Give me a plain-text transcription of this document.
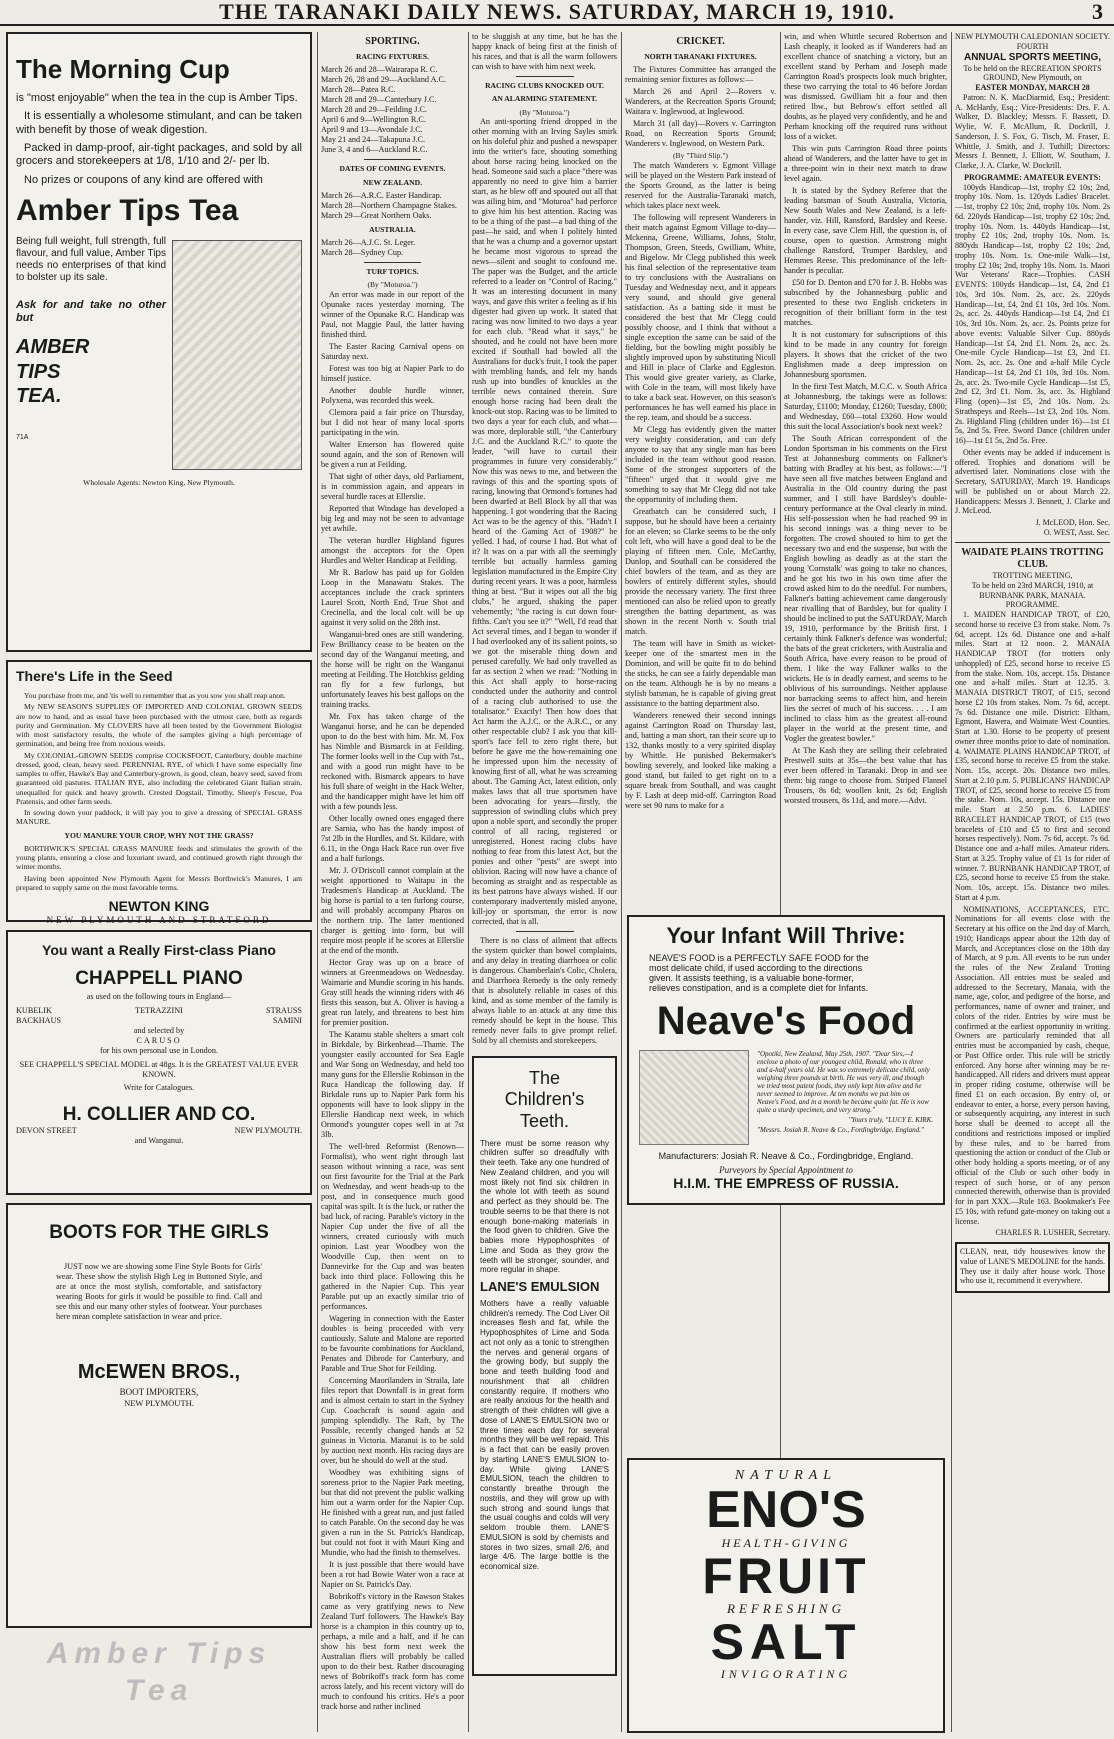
THE TARANAKI DAILY NEWS. SATURDAY, MARCH 19, 1910.	3
The Morning Cup

is "most enjoyable" when the tea in the cup is Amber Tips.

It is essentially a wholesome stimulant, and can be taken with benefit by those of weak digestion.

Packed in damp-proof, air-tight packages, and sold by all grocers and storekeepers at 1/8, 1/10 and 2/- per lb.

No prizes or coupons of any kind are offered with

Amber Tips Tea

Being full weight, full strength, full flavour, and full value, Amber Tips needs no enterprises of that kind to bolster up its sale.

Ask for and take no other but

AMBER
TIPS
TEA.
71A
Wholesale Agents: Newton King, New Plymouth.
There's Life in the Seed

You purchase from me, and 'tis well to remember that as you sow you shall reap anon.

My NEW SEASON'S SUPPLIES OF IMPORTED AND COLONIAL GROWN SEEDS are now to hand, and as usual have been purchased with the utmost care, both as regards purity and Germination. My CLOVERS have all been tested by the Government Biologist with most satisfactory results, the whole of the samples giving a high percentage of germination, and being free from noxious weeds.

My COLONIAL-GROWN SEEDS comprise COCKSFOOT, Canterbury, double machine dressed, good, clean, heavy seed. PERENNIAL RYE, of which I have some especially fine samples to offer, Hawke's Bay and Canterbury-grown, is good, clean, heavy seed, saved from guaranteed old pastures. ITALIAN RYE, also including the celebrated Giant Italian strain, unequalled for quick and heavy growth. Crested Dogstail, Timothy, Sheep's Fescue, Poa Pratensis, and other farm seeds.

In sowing down your paddock, it will pay you to give a dressing of SPECIAL GRASS MANURE.

YOU MANURE YOUR CROP, WHY NOT THE GRASS?

BORTHWICK'S SPECIAL GRASS MANURE feeds and stimulates the growth of the young plants, ensuring a close and luxuriant sward, and continued growth right through the winter months.

Having been appointed New Plymouth Agent for Messrs Borthwick's Manures, I am prepared to supply same on the most favorable terms.

NEWTON KING
NEW PLYMOUTH AND STRATFORD
You want a Really First-class Piano
CHAPPELL PIANO
as used on the following tours in England—
KUBELIK	TETRAZZINI	STRAUSS
BACKHAUS	SAMINI
and selected by
CARUSO
for his own personal use in London.
SEE CHAPPELL'S SPECIAL MODEL at 48gs. It is the GREATEST VALUE EVER KNOWN.
Write for Catalogues.
H. COLLIER AND CO.
DEVON STREET	NEW PLYMOUTH.
and Wanganui.
BOOTS FOR THE GIRLS

JUST now we are showing some Fine Style Boots for Girls' wear. These show the stylish High Leg in Buttoned Style, and are at once the most stylish, comfortable, and satisfactory wearing Boots for girls it would be possible to find. Call and see this and our many other styles of footwear. Your purchases here mean complete satisfaction in wear and price.

McEWEN BROS.,
BOOT IMPORTERS,
NEW PLYMOUTH.
Amber Tips Tea
SPORTING.
RACING FIXTURES.
March 26 and 28—Wairarapa R. C.
March 26, 28 and 29—Auckland A.C.
March 28—Patea R.C.
March 28 and 29—Canterbury J.C.
March 28 and 29—Feilding J.C.
April 6 and 9—Wellington R.C.
April 9 and 13—Avondale J.C.
May 21 and 24—Takapuna J.C.
June 3, 4 and 6—Auckland R.C.
DATES OF COMING EVENTS.
NEW ZEALAND.
March 26—A.R.C. Easter Handicap.
March 28—Northern Champagne Stakes.
March 29—Great Northern Oaks.
AUSTRALIA.
March 26—A.J.C. St. Leger.
March 28—Sydney Cup.
TURF TOPICS.
(By "Moturoa.")

An error was made in our report of the Opunake races yesterday morning. The winner of the Opunake R.C. Handicap was Paul, not Maggie Paul, the latter having finished third.

The Easter Racing Carnival opens on Saturday next.

Forest was too big at Napier Park to do himself justice.

Another double hurdle winner, Polyxena, was recorded this week.

Clemora paid a fair price on Thursday, but I did not hear of many local sports participating in the win.

Walter Emerson has flowered quite sound again, and the son of Renown will be given a run at Feilding.

That sight of other days, old Parliament, is in commission again, and appears in several hurdle races at Ellerslie.

Reported that Windage has developed a big leg and may not be seen to advantage yet awhile.

The veteran hurdler Highland figures amongst the acceptors for the Open Hurdles and Welter Handicap at Feilding.

Mr R. Barlow has paid up for Golden Loop in the Manawatu Stakes. The acceptances include the crack sprinters Laurel Scott, North End, True Shot and Crecinella, and the local colt will be up against it very solid on the 28th inst.

Wanganui-bred ones are still wandering. Few Brilliancy cease to be beaten on the second day of the Wanganui meeting, and the horse will be right on the Wanganui meeting at Feilding. The Hotchkiss gelding ran fly for a few furlongs, but unfortunately leaves his best gallops on the training tracks.

Mr. Fox has taken charge of the Wanganui horse, and he can be depended upon to do the best with him. Mr. M. Fox has Nimble and Bismarck in at Feilding. The former looks well in the Cup with 7st., and with a good run might have to be reckoned with. Bismarck appears to have his full share of weight in the Hack Welter, and the handicapper might have let him off with a few pounds less.

Other locally owned ones engaged there are Sarnia, who has the handy impost of 7st 2lb in the Hurdles, and St. Kildare, with 6.11, in the Onga Hack Race run over five and a half furlongs.

Mr. J. O'Driscoll cannot complain at the weight apportioned to Waitapu in the Tradesmen's Handicap at Auckland. The big horse is partial to a ten furlong course, and will probably accompany Pharos on the northern trip. The latter mentioned charger is getting into form, but will require most people if he scores at Ellerslie at the end of the month.

Hector Gray was up on a brace of winners at Greenmeadows on Wednesday. Waimarie and Mundie scoring in his hands. Gray still heads the winning riders with 46 firsts this season, but A. Oliver is having a great run lately, and threatens to best him for premier position.

The Karamu stable shelters a smart colt in Birkdale, by Birkenhead—Thame. The youngster easily accounted for Sea Eagle and War Song on Wednesday, and held too many guns for the Ellerslie Robinson in the Ruca Handicap the following day. If Birkdale runs up to Napier Park form his opponents will have to look slippy in the Ellerslie Handicap next week, in which Ormond's youngster copes well in at 7st 3lb.

The well-bred Reformist (Renown—Formalist), who went right through last season without winning a race, was sent out first favourite for the Trial at the Park on Wednesday, and went heads-up to the post, and in consequence much good capital was spilt. It is the luck, or rather the bad luck, of racing. Parable's victory in the Napier Cup under the five of all the winners, created curiously with much opinion. Last year Woodbey won the Woodville Cup, then went on to Dannevirke for the Cup and was beaten back into third place. Following this he gathered in the Napier Cup. This year Parable put up an exactly similar trio of performances.

Wagering in connection with the Easter doubles is being proceeded with very cautiously. Salute and Malone are reported to be favourite combinations for Auckland, Penates and Dibrode for Canterbury, and Parable and True Shot for Feilding.

Concerning Maorilanders in 'Straila, late files report that Downfall is in great form and is almost certain to start in the Sydney Cup. Coachcraft is sound again and jumping splendidly. The Raft, by The Possible, recently changed hands at 52 guineas in Victoria. Maranui is to be sold by auction next month. His racing days are over, but he should do well at the stud.

Woodbey was exhibiting signs of soreness prior to the Napier Park meeting, but that did not prevent the public walking him out a warm order for the Napier Cup. He finished with a great run, and just failed to catch Parable. On the second day he was given a run in the St. Patrick's Handicap, but could not foot it with Mauri King and Mundie, who had the finish to themselves.

It is just possible that there would have been a rot had Bowie Water won a race at Napier on St. Patrick's Day.

Bobrikoff's victory in the Rawson Stakes came as very gratifying news to New Zealand Turf followers. The Hawke's Bay horse is a champion in this country up to, perhaps, a mile and a half, and if he can show his best form next week the Australian fliers will probably be called upon to do their best. Rather discouraging news of Bobrikoff's track form has come across lately, and his recent victory will do much to confound his critics. He's a poor track horse and rather inclined

to be sluggish at any time, but he has the happy knack of being first at the finish of his races, and that is all the warm followers can wish to have with him next week.

RACING CLUBS KNOCKED OUT.
AN ALARMING STATEMENT.
(By "Moturoa.")

An anti-sporting friend dropped in the other morning with an Irving Sayles smirk on his doleful phiz and pushed a newspaper into the writer's face, shouting something about horse racing being knocked on the head. Someone said such a place "there was apparently no need to give him a barrier start, as he blew off and spouted out all that was ailing him, and "Moturoa" had perforce to give him his best attention. Racing was to be a thing of the past—a bad thing of the past—he said, and when I politely hinted that he was a chump and a governor upstart he became most vigorous to spread the news—silent and sought to confound me. The paper was the Budget, and the article referred to a leader on "Control of Racing." It was an interesting document in many ways, and gave this writer a feeling as if his digester had given up work. It stated that racing was now limited to two days a year for each club. "Read what it says," he shouted, and he could not have been more excited if Southall had bowled all the Australians for duck's fruit. I took the paper with trembling hands, and felt my hands rush up into bundles of knuckles as the terrible news contained therein. Sure enough horse racing had been dealt the knock-out stop. Racing was to be limited to two days a year for each club, and what—was more, deplorable still, "the Canterbury J.C. and the Auckland R.C." to quote the leader, "will have to curtail their programmes in future very considerably." Now this was news to me, and between the ravings of this and the sporting spots of racing, knowing that Ormond's fortunes had been dwarfed at Bell Block by all that was happening. I got wondering that the Racing Act was to be the agency of this. "Hadn't I heard of the Gaming Act of 1908?" he yelled. I had, of course I had. But what of it? It was on a par with all the seemingly terrible but actually harmless gaming legislation manufactured in the Empire City during recent years. It was a poor, harmless thing at best. "But it wipes out all the big clubs," he argued, shaking the paper vehemently; "the racing is cut down four-fifths. Can't you see it?" "Well, I'd read that Act several times, and I began to wonder if I had overlooked any of its salient points, so we got the miserable thing down and perused carefully. We had only travelled as far as section 2 when we read: "Nothing in this Act shall apply to horse-racing conducted under the authority and control of a racing club authorised to use the totalisator." Exactly! Then how does that Act harm the A.J.C. or the A.R.C., or any other respectable club? I ask you that kill-sport's face fell to zero right there, but before he gave me the how-remaining one he impressed upon him the necessity of knowing first of all, what he was screaming about. The Gaming Act, latest edition, only makes laws that all true sportsmen have been advocating for years—firstly, the suppression of swindling clubs which prey upon a noble sport, and secondly the proper control of all racing, registered or unregistered. Honest racing clubs have nothing to fear from this latest Act, but the ponies and other "pests" are swept into oblivion. Racing will now have a chance of becoming as straight and as respectable as its best patrons have always wished. If our contemporary inadvertently misled anyone, kill-joy or sportsman, the error is now corrected, that is all.

There is no class of ailment that affects the system quicker than bowel complaints, and any delay in treating diarrhoea or colic is dangerous. Chamberlain's Colic, Cholera, and Diarrhoea Remedy is the only remedy that is absolutely reliable in cases of this kind, and as some member of the family is always liable to an attack at any time this remedy should be kept in the house. This remedy never fails to give prompt relief. Sold by all chemists and storekeepers.

The
Children's
Teeth.

There must be some reason why children suffer so dreadfully with their teeth. Take any one hundred of New Zealand children, and you will most likely not find six children in the whole lot with teeth as sound and perfect as they should be. The trouble seems to be that there is not enough bone-making materials in the food given to children. Give the babies more Hypophosphites of Lime and Soda as they grow the teeth will be stronger, sounder, and more regular in shape.

LANE'S EMULSION

Mothers have a really valuable children's remedy. The Cod Liver Oil increases flesh and fat, while the Hypophosphites of Lime and Soda act not only as a tonic to strengthen the nerves and general organs of the growing body, but supply the bone and teeth building food and nourishment that all children constantly require. If mothers who are really anxious for the health and strength of their children will give a dose of LANE'S EMULSION two or three times each day for several months they will be well repaid. This is a fact that can be easily proven by starting LANE'S EMULSION to-day. While giving LANE'S EMULSION, teach the children to constantly breathe through the nostrils, and they will grow up with such strong and sound lungs that the usual coughs and colds will very seldom trouble them. LANE'S EMULSION is sold by chemists and stores in two sizes, small 2/6, and large 4/6. The large bottle is the economical size.

CRICKET.
NORTH TARANAKI FIXTURES.

The Fixtures Committee has arranged the remaining senior fixtures as follows:—

March 26 and April 2—Rovers v. Wanderers, at the Recreation Sports Ground; Waitara v. Inglewood, at Inglewood.

March 31 (all day)—Rovers v. Carrington Road, on Recreation Sports Ground; Wanderers v. Inglewood, on Western Park.

(By "Third Slip.")

The match Wanderers v. Egmont Village will be played on the Western Park instead of the Sports Ground, as the latter is being reserved for the Australia-Taranaki match, which takes place next week.

The following will represent Wanderers in their match against Egmont Village to-day—Mckenna, Greene, Williams, Johns, Stohr, Thompson, Green, Steeds, Gwilliam, White, and Bigelow. Mr Clegg published this week his final selection of the representative team to try conclusions with the Australians on Tuesday and Wednesday next, and it appears very sound, and should give general satisfaction. As a batting side it must be considered the best that Mr Clegg could possibly choose, and I think that without a single exception the same can be said of the fielding, but the bowling might possibly be slightly improved upon by substituting Nicoll and Hill in place of Clarke and Eggleston. This would give greater variety, as Clarke, with Cole in the team, will most likely have to take a back seat. However, on this season's performances he has well earned his place in the rep. team, and should be a success.

Mr Clegg has evidently given the matter very weighty consideration, and can defy anyone to say that any single man has been included in the team without good reason. Some of the strongest supporters of the "fifteen" urged that it would give me something to say that Mr Clegg did not take the opportunity of including them.

Greatbatch can be considered such, I suppose, but he should have been a certainty for an eleven; so Clarke seems to be the only colt left, who will have a good deal to be the playing of fifteen men. Cole, McCarthy, Dunlop, and Southall can be considered the chief bowlers of the team, and as they are bowlers of entirely different styles, should provide the necessary variety. The first three mentioned can also be relied upon to greatly strengthen the batting department, as was shown in the recent North v. South trial match.

The team will have in Smith as wicket-keeper one of the smartest men in the Dominion, and will be quite fit to do behind the sticks, he can see a fairly dependable man on the team. Although he is by no means a stylish batsman, he is capable of giving great assistance to the batting department also.

Wanderers renewed their second innings against Carrington Road on Thursday last, and, batting a man short, ran their score up to 132, thanks mostly to a very spirited display by Whittle. He punished Bekermaker's bowling severely, and looked like making a good stand, but failed to get right on to a square break from Southall, and was caught by F. Lash at deep mid-off. Carrington Road were set 90 runs to make for a

win, and when Whittle secured Robertson and Lash cheaply, it looked as if Wanderers had an excellent chance of snatching a victory, but an excellent stand by Perham and Joseph made Carrington Road's prospects look much brighter, these two carrying the total to 46 before Jordan was dismissed. Gwilliam hit a four and then retired lbw., but Bebrow's effort settled all doubts, as he played very confidently, and he and Perham knocking off the required runs without loss of a wicket.

This win puts Carrington Road three points ahead of Wanderers, and the latter have to get in a three-point win in their next match to draw level again.

It is stated by the Sydney Referee that the leading batsman of South Australia, Victoria, New South Wales and New Zealand, is a left-hander, viz. Hill, Ransford, Bardsley and Reese. In every case, save Clem Hill, the question is, of course, open to question. Armstrong might challenge Ransford, Trumper Bardsley, and Hemmes Reese. This predominance of the left-hander is peculiar.

£50 for D. Denton and £70 for J. B. Hobbs was subscribed by the Johannesburg public and presented to these two English cricketers in recognition of their brilliant form in the test matches.

It is not customary for subscriptions of this kind to be made in any country for foreign players. It shows that the cricket of the two Englishmen made a deep impression on Johannesburg sportsmen.

In the first Test Match, M.C.C. v. South Africa at Johannesburg, the takings were as follows: Saturday, £1100; Monday, £1260; Tuesday, £800; and Wednesday, £60—total £3260. How would this suit the local Association's book next week?

The South African correspondent of the London Sportsman in his comments on the First Test at Johannesburg comments on Falkner's batting with Bradley at his best, as follows:—"I have seen all five matches between England and Australia in the Old country during the past summer, and I still have Bardsley's double-century performance at the Oval clearly in mind. His self-possession when he had reached 99 in his second innings was a thing never to be forgotten. The crowd shouted to him to get the necessary two and end the suspense, but with the English bowling as deadly as at the start the young 'Cornstalk' was going to take no chances, and he got his two in his own time after the crowd asked him to do the needful. For numbers, Falkner's batting achievement came dangerously near rivalling that of Bardsley, but for quality I should be inclined to put the SATURDAY, March 19, 1910, performance by the British first. I certainly think Falkner's defence was wonderful; the bats of the great cricketers, with Australia and South Africa, have every reason to be proud of them. I like the way Falkner walks to the wickets. He is in deadly earnest, and seems to be oblivious of his surroundings. Neither applause nor barracking seems to affect him, and herein lies the secret of much of his success. . . . I am inclined to class him as the greatest all-round player in the world at the present time, and Vogler the greatest bowler."

At The Kash they are selling their celebrated Prestwell suits at 35s—the best value that has ever been offered in Taranaki. Drop in and see them: big range to choose from. Striped Flannel Trousers, 8s 6d; woollen knit, 2s 6d; English worsted trousers, 8s 11d, and more.—Advt.

Your Infant Will Thrive:

NEAVE'S FOOD is a PERFECTLY SAFE FOOD for the most delicate child, if used according to the directions given. It assists teething, is a valuable bone-former, relieves constipation, and is a complete diet for Infants.

Neave's Food

"Opotiki, New Zealand, May 25th, 1907. "Dear Sirs,—I enclose a photo of our youngest child, Ronald, who is three and a-half years old. He was so extremely delicate child, only weighing three pounds at birth. He was very ill, and though we tried most patent foods, they only kept him alive and he never seemed to improve. At ten months we put him on Neave's Food, and in a month he became quite fat. He is now quite a sturdy specimen, and very strong."

"Yours truly, "LUCY E. KIRK.

"Messrs. Josiah R. Neave & Co., Fordingbridge, England."

Manufacturers: Josiah R. Neave & Co., Fordingbridge, England.
Purveyors by Special Appointment to
H.I.M. THE EMPRESS OF RUSSIA.
NATURAL
ENO'S
HEALTH-GIVING
FRUIT
REFRESHING
SALT
INVIGORATING
NEW PLYMOUTH CALEDONIAN SOCIETY.
FOURTH
ANNUAL SPORTS MEETING,
To be held on the RECREATION SPORTS GROUND, New Plymouth, on
EASTER MONDAY, MARCH 28

Patron: N. K. MacDiarmid, Esq.; President: A. McHardy, Esq.; Vice-Presidents: Drs. F. A. Walker, D. Blackley; Messrs. F. Bassett, D. Wylie, W. F. McAllum, R. Dockrill, J. Sanderson, J. S. Fox, G. Tisch, M. Fraser, E. Whittle, J. Smith, and J. Tuthill; Directors: Messrs J. Bennett, J. Elliott, W. Southam, J. Clarke, J. A. Clarke, W. Dockrill.

PROGRAMME: AMATEUR EVENTS:

100yds Handicap—1st, trophy £2 10s; 2nd, trophy 10s. Nom. 1s. 120yds Ladies' Bracelet.—1st, trophy £2 10s; 2nd, trophy 10s. Nom. 2s 6d. 220yds Handicap—1st, trophy £2 10s; 2nd, trophy 10s. Nom. 1s. 440yds Handicap—1st, trophy £2 10s; 2nd, trophy 10s. Nom. 1s. 880yds Handicap—1st, trophy £2 10s; 2nd, trophy 10s. Nom. 1s. One-mile Walk—1st, trophy £2 10s; 2nd, trophy 10s. Nom. 1s. Maori War Veterans' Race—Trophies. CASH EVENTS: 100yds Handicap—1st, £4, 2nd £1 10s, 3rd 10s. Nom. 2s, acc. 2s. 220yds Handicap—1st, £4, 2nd £1 10s, 3rd 10s. Nom. 2s, acc. 2s. 440yds Handicap—1st £4, 2nd £1 10s, 3rd 10s. Nom. 2s, acc. 2s. Points prize for above events: Valuable Silver Cup. 880yds Handicap—1st £4, 2nd £1. Nom. 2s, acc. 2s. One-mile Cycle Handicap—1st £3, 2nd £1. Nom. 2s, acc. 2s. One and a-half Mile Cycle Handicap—1st £4, 2nd £1 10s, 3rd 10s. Nom. 2s, acc. 2s. Two-mile Cycle Handicap—1st £5, 2nd £2, 3rd £1. Nom. 3s, acc. 3s. Highland Fling (open)—1st £5, 2nd 10s. Nom. 2s. Strathspeys and Reels—1st £3, 2nd 10s. Nom. 2s. Highland Fling (children under 16)—1st £1 5s, 2nd 5s. Free. Sword Dance (children under 16)—1st £1 5s, 2nd 5s. Free.

Other events may be added if inducement is offered. Trophies and donations will be advertised later. Nominations close with the Secretary, SATURDAY, March 19. Handicaps will be published on or about March 22. Handicappers: Messrs J. Bennett, J. Clarke and J. McLeod.

J. McLEOD, Hon. Sec.
O. WEST, Asst. Sec.
WAIDATE PLAINS TROTTING CLUB.
TROTTING MEETING,
To be held on 23rd MARCH, 1910, at BURNBANK PARK, MANAIA.
PROGRAMME.

1. MAIDEN HANDICAP TROT, of £20, second horse to receive £3 from stake. Nom. 7s 6d, accept. 12s 6d. Distance one and a-half miles. Start at 12 noon. 2. MANAIA HANDICAP TROT (for trotters only unhoppled) of £25, second horse to receive £5 from the stake. Nom. 10s, accept. 15s. Distance one and a-half miles. Start at 12.35. 3. MANAIA DISTRICT TROT, of £15, second horse £2 10s from stakes. Nom. 7s 6d, accept. 7s 6d. Distance one mile. District: Eltham, Egmont, Hawera, and Waimate West Counties. Start at 1.30. Horse to be property of present owner three months prior to date of nomination. 4. WAIMATE PLAINS HANDICAP TROT, of £35, second horse to receive £5 from the stake. Nom. 15s, accept. 20s. Distance two miles. Start at 2.10 p.m. 5. PUBLICANS' HANDICAP TROT, of £25, second horse to receive £5 from the stake. Nom. 10s, accept. 15s. Distance one mile. Start at 2.50 p.m. 6. LADIES' BRACELET HANDICAP TROT, of £15 (two bracelets of £10 and £5 to first and second horses respectively). Nom. 7s 6d, accept. 7s 6d. Distance one and a-half miles. Amateur riders. Start at 3.25. Trophy value of £1 1s for rider of winner. 7. BURNBANK HANDICAP TROT, of £25, second horse to receive £5 from the stake. Nom. 10s, accept. 15s. Distance two miles. Start at 4 p.m.

NOMINATIONS, ACCEPTANCES, ETC. Nominations for all events close with the Secretary at his office on the 2nd day of March, 1910; Handicaps appear about the 12th day of March, and Acceptances close on the 18th day of March, at 9 p.m. All events to be run under the rules of the New Zealand Trotting Association. All entries must be sealed and addressed to the Secretary, Manaia, with the name, age, color, and pedigree of the horse, and performances, name of owner and trainer, and colors of the rider. Entries by wire must be confirmed at the earliest opportunity in writing. Owners are particularly reminded that all entries must be accompanied by cash, cheque, or Post Office order. This rule will be strictly enforced. Any horse after winning may be re-handicapped. All riders and drivers must appear in proper riding costume, otherwise will be fined £1 on each occasion. By entry of, or endeavor to enter, a horse, every person having, or subsequently acquiring, any interest in such horse shall be deemed to accept all the conditions and restrictions imposed or implied by these rules, and to be barred from questioning the action or conduct of the Club or other body holding a sports meeting, or of any official of the Club or such other body in respect of such horse, or of any person connected therewith, otherwise than is provided for in part XXX.—Rule 163. Bookmaker's Fee £5 10s, with refund gate-money on taking out a license.

CHARLES R. LUSHER, Secretary.

CLEAN, neat, tidy housewives know the value of LANE'S MEDOLINE for the hands. They use it daily after house work. Those who use it, recommend it everywhere.
